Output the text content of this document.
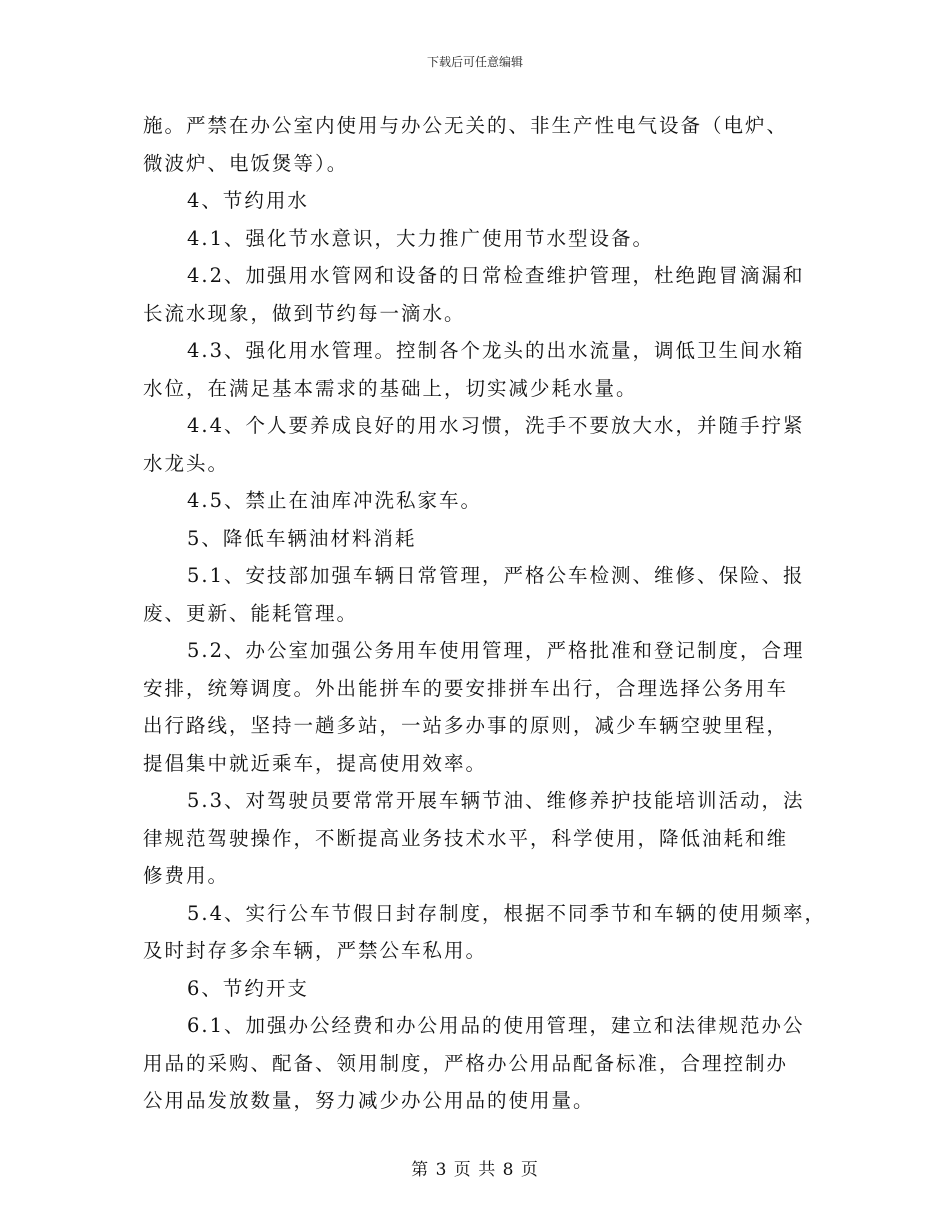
下载后可任意编辑
施。严禁在办公室内使用与办公无关的、非生产性电气设备（电炉、
微波炉、电饭煲等）。
4、节约用水
4.1、强化节水意识，大力推广使用节水型设备。
4.2、加强用水管网和设备的日常检查维护管理，杜绝跑冒滴漏和
长流水现象，做到节约每一滴水。
4.3、强化用水管理。控制各个龙头的出水流量，调低卫生间水箱
水位，在满足基本需求的基础上，切实减少耗水量。
4.4、个人要养成良好的用水习惯，洗手不要放大水，并随手拧紧
水龙头。
4.5、禁止在油库冲洗私家车。
5、降低车辆油材料消耗
5.1、安技部加强车辆日常管理，严格公车检测、维修、保险、报
废、更新、能耗管理。
5.2、办公室加强公务用车使用管理，严格批准和登记制度，合理
安排，统筹调度。外出能拼车的要安排拼车出行，合理选择公务用车
出行路线，坚持一趟多站，一站多办事的原则，减少车辆空驶里程，
提倡集中就近乘车，提高使用效率。
5.3、对驾驶员要常常开展车辆节油、维修养护技能培训活动，法
律规范驾驶操作，不断提高业务技术水平，科学使用，降低油耗和维
修费用。
5.4、实行公车节假日封存制度，根据不同季节和车辆的使用频率，
及时封存多余车辆，严禁公车私用。
6、节约开支
6.1、加强办公经费和办公用品的使用管理，建立和法律规范办公
用品的采购、配备、领用制度，严格办公用品配备标准，合理控制办
公用品发放数量，努力减少办公用品的使用量。
第 3 页 共 8 页
